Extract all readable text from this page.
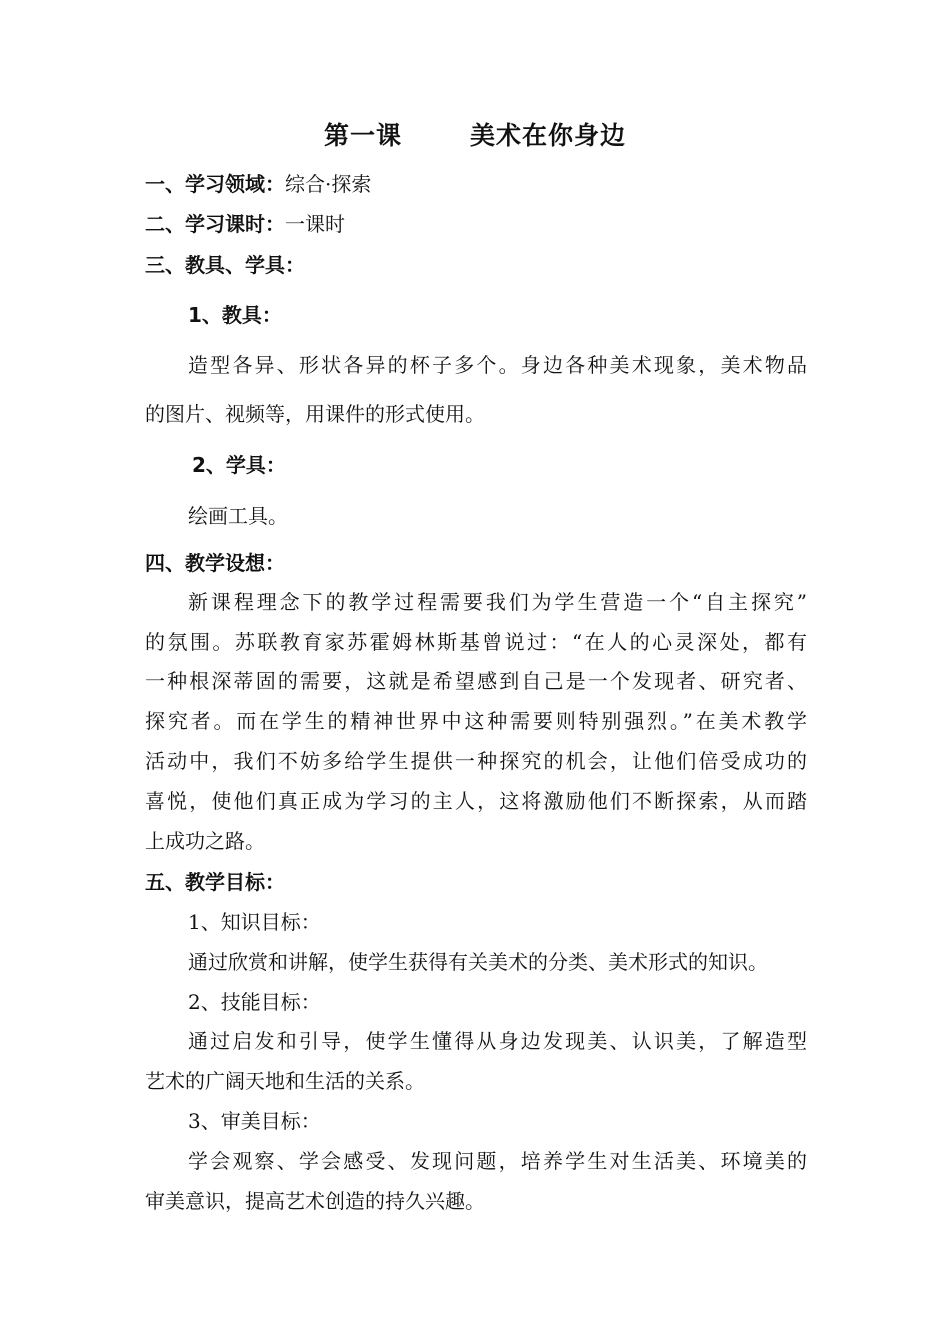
第一课       美术在你身边
一、学习领域：综合·探索
二、学习课时：一课时
三、教具、学具：
1、教具：
造型各异、形状各异的杯子多个。身边各种美术现象，美术物品
的图片、视频等，用课件的形式使用。
2、学具：
绘画工具。
四、教学设想：
新课程理念下的教学过程需要我们为学生营造一个“自主探究”
的氛围。苏联教育家苏霍姆林斯基曾说过：“在人的心灵深处，都有
一种根深蒂固的需要，这就是希望感到自己是一个发现者、研究者、
探究者。而在学生的精神世界中这种需要则特别强烈。”在美术教学
活动中，我们不妨多给学生提供一种探究的机会，让他们倍受成功的
喜悦，使他们真正成为学习的主人，这将激励他们不断探索，从而踏
上成功之路。
五、教学目标：
1、知识目标：
通过欣赏和讲解，使学生获得有关美术的分类、美术形式的知识。
2、技能目标：
通过启发和引导，使学生懂得从身边发现美、认识美，了解造型
艺术的广阔天地和生活的关系。
3、审美目标：
学会观察、学会感受、发现问题，培养学生对生活美、环境美的
审美意识，提高艺术创造的持久兴趣。
